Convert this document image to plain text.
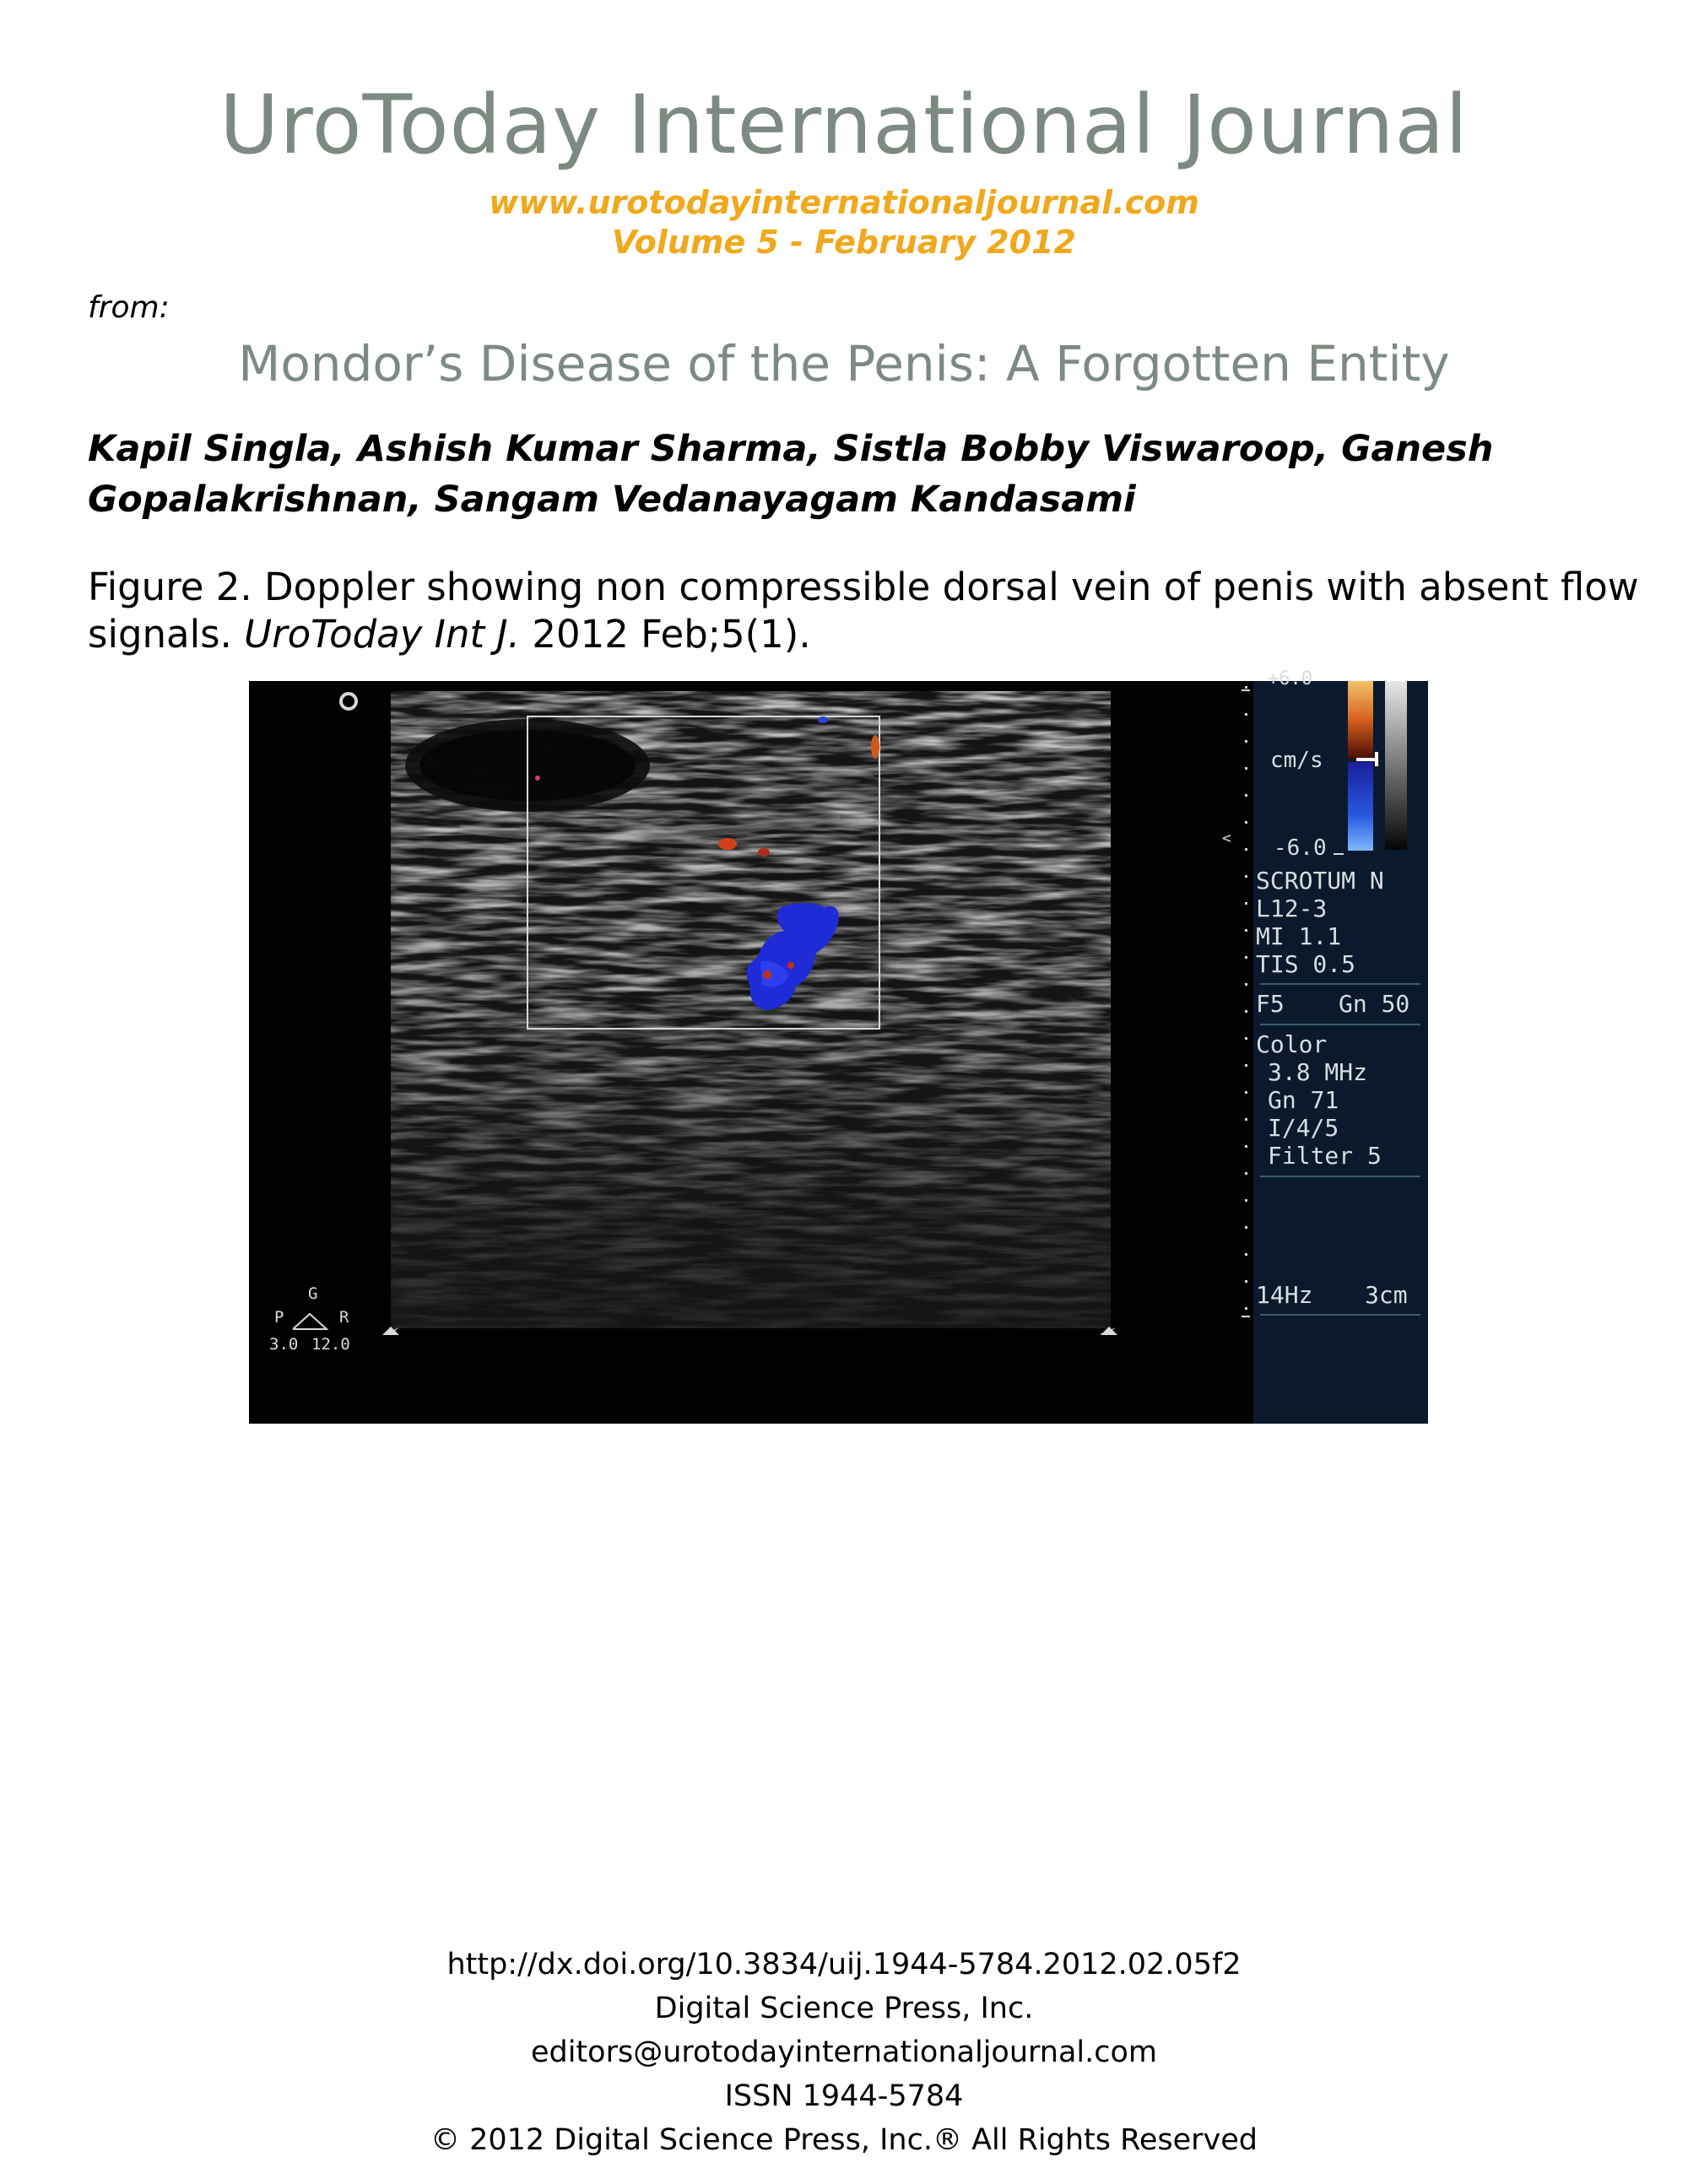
UroToday International Journal
www.urotodayinternationaljournal.com
Volume 5 - February 2012
from:
Mondor’s Disease of the Penis: A Forgotten Entity
Kapil Singla, Ashish Kumar Sharma, Sistla Bobby Viswaroop, Ganesh
Gopalakrishnan, Sangam Vedanayagam Kandasami
Figure 2. Doppler showing non compressible dorsal vein of penis with absent flow
signals. UroToday Int J. 2012 Feb;5(1).
G
P	R
3.0 12.0
<
+6.0
cm/s
-6.0
SCROTUM N
L12-3
MI 1.1
TIS 0.5
F5 Gn 50
Color
3.8 MHz
Gn 71
I/4/5
Filter 5
14Hz 3cm
http://dx.doi.org/10.3834/uij.1944-5784.2012.02.05f2
Digital Science Press, Inc.
editors@urotodayinternationaljournal.com
ISSN 1944-5784
© 2012 Digital Science Press, Inc.® All Rights Reserved
